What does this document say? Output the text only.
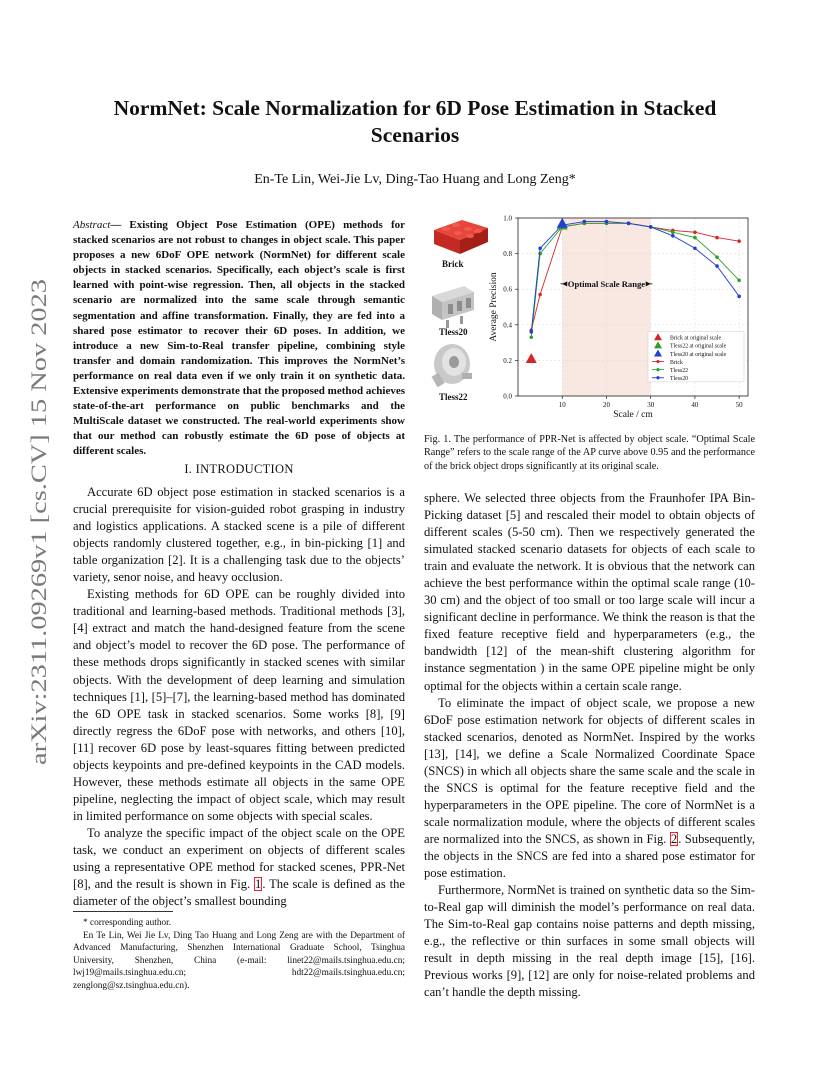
arXiv:2311.09269v1 [cs.CV] 15 Nov 2023
NormNet: Scale Normalization for 6D Pose Estimation in Stacked Scenarios
En-Te Lin, Wei-Jie Lv, Ding-Tao Huang and Long Zeng*

Abstract— Existing Object Pose Estimation (OPE) methods for stacked scenarios are not robust to changes in object scale. This paper proposes a new 6DoF OPE network (NormNet) for different scale objects in stacked scenarios. Specifically, each object’s scale is first learned with point-wise regression. Then, all objects in the stacked scenario are normalized into the same scale through semantic segmentation and affine transformation. Finally, they are fed into a shared pose estimator to recover their 6D poses. In addition, we introduce a new Sim-to-Real transfer pipeline, combining style transfer and domain randomization. This improves the NormNet’s performance on real data even if we only train it on synthetic data. Extensive experiments demonstrate that the proposed method achieves state-of-the-art performance on public benchmarks and the MultiScale dataset we constructed. The real-world experiments show that our method can robustly estimate the 6D pose of objects at different scales.

I. INTRODUCTION

Accurate 6D object pose estimation in stacked scenarios is a crucial prerequisite for vision-guided robot grasping in industry and logistics applications. A stacked scene is a pile of different objects randomly clustered together, e.g., in bin-picking [1] and table organization [2]. It is a challenging task due to the objects’ variety, senor noise, and heavy occlusion.

Existing methods for 6D OPE can be roughly divided into traditional and learning-based methods. Traditional methods [3], [4] extract and match the hand-designed feature from the scene and object’s model to recover the 6D pose. The performance of these methods drops significantly in stacked scenes with similar objects. With the development of deep learning and simulation techniques [1], [5]–[7], the learning-based method has dominated the 6D OPE task in stacked scenarios. Some works [8], [9] directly regress the 6DoF pose with networks, and others [10], [11] recover 6D pose by least-squares fitting between predicted objects keypoints and pre-defined keypoints in the CAD models. However, these methods estimate all objects in the same OPE pipeline, neglecting the impact of object scale, which may result in limited performance on some objects with special scales.

To analyze the specific impact of the object scale on the OPE task, we conduct an experiment on objects of different scales using a representative OPE method for stacked scenes, PPR-Net [8], and the result is shown in Fig. 1. The scale is defined as the diameter of the object’s smallest bounding

* corresponding author.

En Te Lin, Wei Jie Lv, Ding Tao Huang and Long Zeng are with the Department of Advanced Manufacturing, Shenzhen International Graduate School, Tsinghua University, Shenzhen, China (e-mail: linet22@mails.tsinghua.edu.cn; lwj19@mails.tsinghua.edu.cn; hdt22@mails.tsinghua.edu.cn; zenglong@sz.tsinghua.edu.cn).

Brick
Tless20
Tless22
10	20	30	40	50
0.0
0.2
0.4
0.6
0.8
1.0
Optimal Scale Range
Scale / cm
Average Precision	Brick at original scale
Tless22 at original scale
Tless20 at original scale
Brick
Tless22
Tless20

Fig. 1. The performance of PPR-Net is affected by object scale. “Optimal Scale Range” refers to the scale range of the AP curve above 0.95 and the performance of the brick object drops significantly at its original scale.

sphere. We selected three objects from the Fraunhofer IPA Bin-Picking dataset [5] and rescaled their model to obtain objects of different scales (5-50 cm). Then we respectively generated the simulated stacked scenario datasets for objects of each scale to train and evaluate the network. It is obvious that the network can achieve the best performance within the optimal scale range (10-30 cm) and the object of too small or too large scale will incur a significant decline in performance. We think the reason is that the fixed feature receptive field and hyperparameters (e.g., the bandwidth [12] of the mean-shift clustering algorithm for instance segmentation ) in the same OPE pipeline might be only optimal for the objects within a certain scale range.

To eliminate the impact of object scale, we propose a new 6DoF pose estimation network for objects of different scales in stacked scenarios, denoted as NormNet. Inspired by the works [13], [14], we define a Scale Normalized Coordinate Space (SNCS) in which all objects share the same scale and the scale in the SNCS is optimal for the feature receptive field and the hyperparameters in the OPE pipeline. The core of NormNet is a scale normalization module, where the objects of different scales are normalized into the SNCS, as shown in Fig. 2. Subsequently, the objects in the SNCS are fed into a shared pose estimator for pose estimation.

Furthermore, NormNet is trained on synthetic data so the Sim-to-Real gap will diminish the model’s performance on real data. The Sim-to-Real gap contains noise patterns and depth missing, e.g., the reflective or thin surfaces in some small objects will result in depth missing in the real depth image [15], [16]. Previous works [9], [12] are only for noise-related problems and can’t handle the depth missing.
